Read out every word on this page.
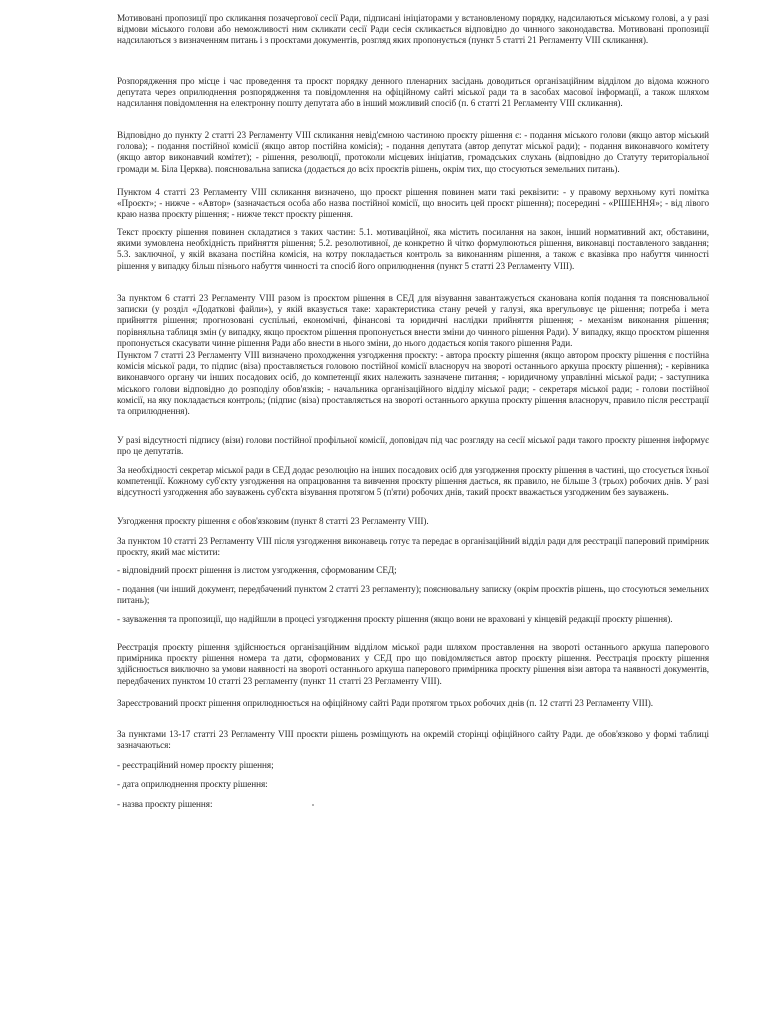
Мотивовані пропозиції про скликання позачергової сесії Ради, підписані ініціаторами у встановленому порядку, надсилаються міському голові, а у разі відмови міського голови або неможливості ним скликати сесії Ради сесія скликається відповідно до чинного законодавства. Мотивовані пропозиції надсилаються з визначенням питань і з проєктами документів, розгляд яких пропонується (пункт 5 статті 21 Регламенту VIII скликання).

Розпорядження про місце і час проведення та проєкт порядку денного пленарних засідань доводиться організаційним відділом до відома кожного депутата через оприлюднення розпорядження та повідомлення на офіційному сайті міської ради та в засобах масової інформації, а також шляхом надсилання повідомлення на електронну пошту депутата або в інший можливий спосіб (п. 6 статті 21 Регламенту VIII скликання).

Відповідно до пункту 2 статті 23 Регламенту VIII скликання невід'ємною частиною проєкту рішення є: - подання міського голови (якщо автор міський голова); - подання постійної комісії (якщо автор постійна комісія); - подання депутата (автор депутат міської ради); - подання виконавчого комітету (якщо автор виконавчий комітет); - рішення, резолюції, протоколи місцевих ініціатив, громадських слухань (відповідно до Статуту територіальної громади м. Біла Церква). пояснювальна записка (додається до всіх проєктів рішень, окрім тих, що стосуються земельних питань).

Пунктом 4 статті 23 Регламенту VIII скликання визначено, що проєкт рішення повинен мати такі реквізити: - у правому верхньому куті помітка «Проєкт»; - нижче - «Автор» (зазначається особа або назва постійної комісії, що вносить цей проєкт рішення); посередині - «РІШЕННЯ»; - від лівого краю назва проєкту рішення; - нижче текст проєкту рішення.

Текст проєкту рішення повинен складатися з таких частин: 5.1. мотиваційної, яка містить посилання на закон, інший нормативний акт, обставини, якими зумовлена необхідність прийняття рішення; 5.2. резолютивної, де конкретно й чітко формулюються рішення, виконавці поставленого завдання; 5.3. заключної, у якій вказана постійна комісія, на котру покладається контроль за виконанням рішення, а також є вказівка про набуття чинності рішення у випадку більш пізнього набуття чинності та спосіб його оприлюднення (пункт 5 статті 23 Регламенту VIII).

За пунктом 6 статті 23 Регламенту VIII разом із проєктом рішення в СЕД для візування завантажується сканована копія подання та пояснювальної записки (у розділ «Додаткові файли»), у якій вказується таке: характеристика стану речей у галузі, яка врегульовує це рішення; потреба і мета прийняття рішення; прогнозовані суспільні, економічні, фінансові та юридичні наслідки прийняття рішення; - механізм виконання рішення; порівняльна таблиця змін (у випадку, якщо проєктом рішення пропонується внести зміни до чинного рішення Ради). У випадку, якщо проєктом рішення пропонується скасувати чинне рішення Ради або внести в нього зміни, до нього додається копія такого рішення Ради.

Пунктом 7 статті 23 Регламенту VIII визначено проходження узгодження проєкту: - автора проєкту рішення (якщо автором проєкту рішення є постійна комісія міської ради, то підпис (віза) проставляється головою постійної комісії власноруч на звороті останнього аркуша проєкту рішення); - керівника виконавчого органу чи інших посадових осіб, до компетенції яких належить зазначене питання; - юридичному управлінні міської ради; - заступника міського голови відповідно до розподілу обов'язків; - начальника організаційного відділу міської ради; - секретаря міської ради; - голови постійної комісії, на яку покладається контроль; (підпис (віза) проставляється на звороті останнього аркуша проєкту рішення власноруч, правило після реєстрації та оприлюднення).

У разі відсутності підпису (візи) голови постійної профільної комісії, доповідач під час розгляду на сесії міської ради такого проєкту рішення інформує про це депутатів.

За необхідності секретар міської ради в СЕД додає резолюцію на інших посадових осіб для узгодження проєкту рішення в частині, що стосується їхньої компетенції. Кожному суб'єкту узгодження на опрацювання та вивчення проєкту рішення дається, як правило, не більше 3 (трьох) робочих днів. У разі відсутності узгодження або зауважень суб'єкта візування протягом 5 (п'яти) робочих днів, такий проєкт вважається узгодженим без зауважень.

Узгодження проєкту рішення є обов'язковим (пункт 8 статті 23 Регламенту VIII).

За пунктом 10 статті 23 Регламенту VIII після узгодження виконавець готує та передає в організаційний відділ ради для реєстрації паперовий примірник проєкту, який має містити:

- відповідний проєкт рішення із листом узгодження, сформованим СЕД;

- подання (чи інший документ, передбачений пунктом 2 статті 23 регламенту); пояснювальну записку (окрім проєктів рішень, що стосуються земельних питань);

- зауваження та пропозиції, що надійшли в процесі узгодження проєкту рішення (якщо вони не враховані у кінцевій редакції проєкту рішення).

Реєстрація проєкту рішення здійснюється організаційним відділом міської ради шляхом проставлення на звороті останнього аркуша паперового примірника проєкту рішення номера та дати, сформованих у СЕД про що повідомляється автор проєкту рішення. Реєстрація проєкту рішення здійснюється виключно за умови наявності на звороті останнього аркуша паперового примірника проєкту рішення візи автора та наявності документів, передбачених пунктом 10 статті 23 регламенту (пункт 11 статті 23 Регламенту VIII).

Зареєстрований проєкт рішення оприлюднюється на офіційному сайті Ради протягом трьох робочих днів (п. 12 статті 23 Регламенту VIII).

За пунктами 13-17 статті 23 Регламенту VIII проєкти рішень розміщують на окремій сторінці офіційного сайту Ради. де обов'язково у формі таблиці зазначаються:

- реєстраційний номер проєкту рішення;

- дата оприлюднення проєкту рішення:

- назва проєкту рішення:
